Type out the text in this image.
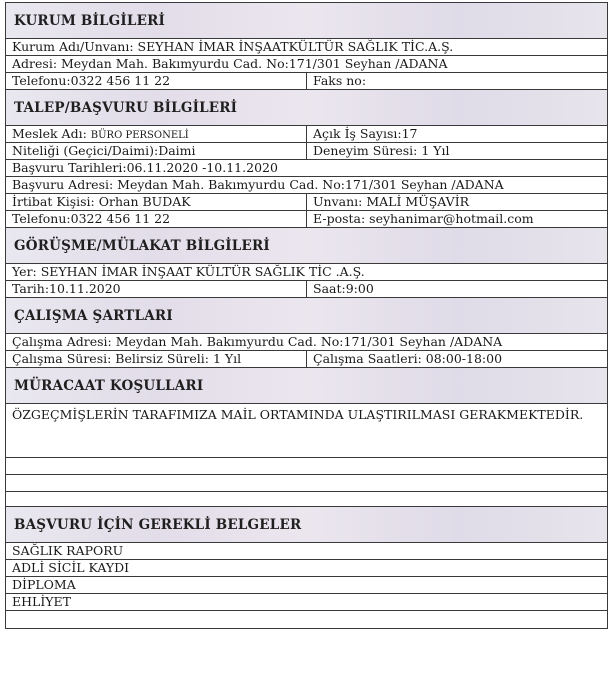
KURUM BİLGİLERİ
Kurum Adı/Unvanı: SEYHAN İMAR İNŞAATKÜLTÜR SAĞLIK TİC.A.Ş.
Adresi: Meydan Mah. Bakımyurdu Cad. No:171/301 Seyhan /ADANA
Telefonu:0322 456 11 22	Faks no:
TALEP/BAŞVURU BİLGİLERİ
Meslek Adı: BÜRO PERSONELİ	Açık İş Sayısı:17
Niteliği (Geçici/Daimi):Daimi	Deneyim Süresi: 1 Yıl
Başvuru Tarihleri:06.11.2020 -10.11.2020
Başvuru Adresi: Meydan Mah. Bakımyurdu Cad. No:171/301 Seyhan /ADANA
İrtibat Kişisi: Orhan BUDAK	Unvanı: MALİ MÜŞAVİR
Telefonu:0322 456 11 22	E-posta: seyhanimar@hotmail.com
GÖRÜŞME/MÜLAKAT BİLGİLERİ
Yer: SEYHAN İMAR İNŞAAT KÜLTÜR SAĞLIK TİC .A.Ş.
Tarih:10.11.2020	Saat:9:00
ÇALIŞMA ŞARTLARI
Çalışma Adresi: Meydan Mah. Bakımyurdu Cad. No:171/301 Seyhan /ADANA
Çalışma Süresi: Belirsiz Süreli: 1 Yıl	Çalışma Saatleri: 08:00-18:00
MÜRACAAT KOŞULLARI
ÖZGEÇMİŞLERİN TARAFIMIZA MAİL ORTAMINDA ULAŞTIRILMASI GERAKMEKTEDİR.
BAŞVURU İÇİN GEREKLİ BELGELER
SAĞLIK RAPORU
ADLİ SİCİL KAYDI
DİPLOMA
EHLİYET
